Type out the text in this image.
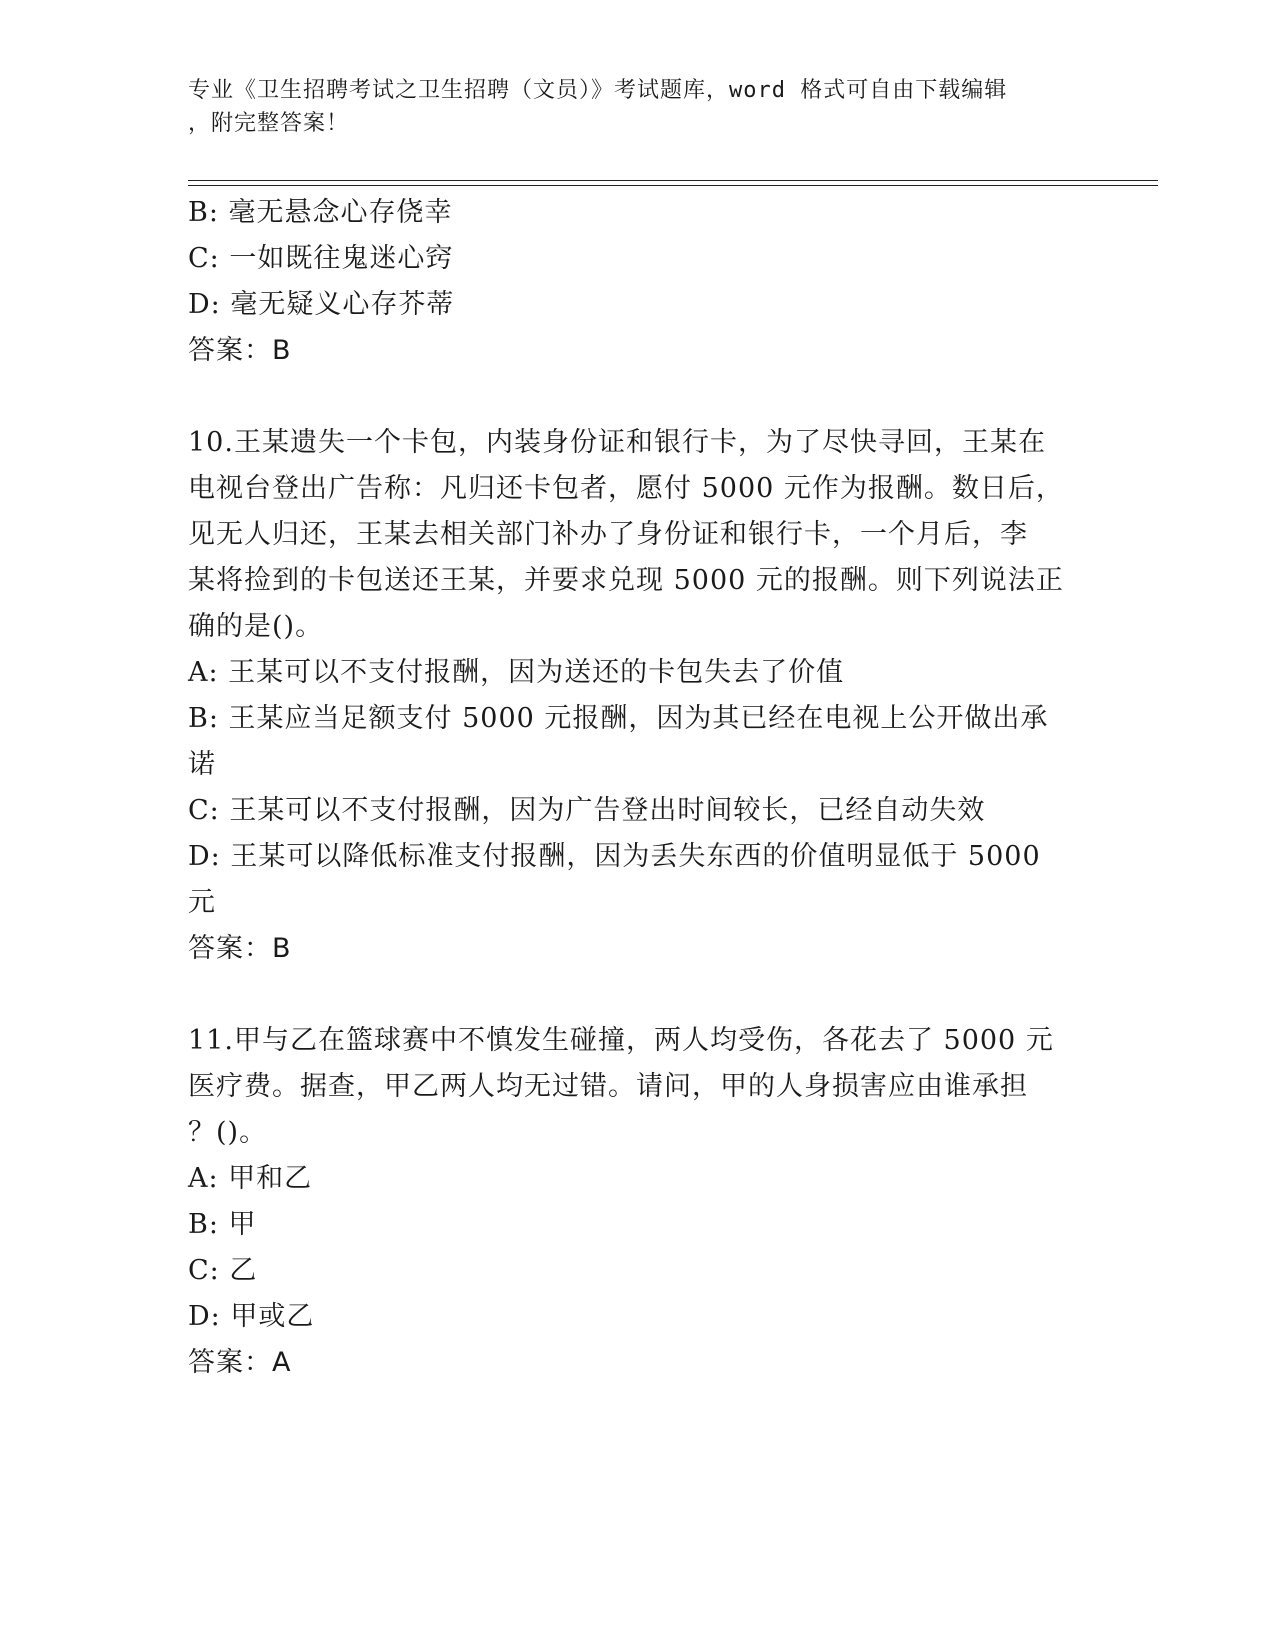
专业《卫生招聘考试之卫生招聘（文员）》考试题库，word 格式可自由下载编辑
，附完整答案！
B: 毫无悬念心存侥幸
C: 一如既往鬼迷心窍
D: 毫无疑义心存芥蒂
答案：B
10.王某遗失一个卡包，内装身份证和银行卡，为了尽快寻回，王某在
电视台登出广告称：凡归还卡包者，愿付 5000 元作为报酬。数日后，
见无人归还，王某去相关部门补办了身份证和银行卡，一个月后，李
某将捡到的卡包送还王某，并要求兑现 5000 元的报酬。则下列说法正
确的是()。
A: 王某可以不支付报酬，因为送还的卡包失去了价值
B: 王某应当足额支付 5000 元报酬，因为其已经在电视上公开做出承
诺
C: 王某可以不支付报酬，因为广告登出时间较长，已经自动失效
D: 王某可以降低标准支付报酬，因为丢失东西的价值明显低于 5000
元
答案：B
11.甲与乙在篮球赛中不慎发生碰撞，两人均受伤，各花去了 5000 元
医疗费。据查，甲乙两人均无过错。请问，甲的人身损害应由谁承担
？()。
A: 甲和乙
B: 甲
C: 乙
D: 甲或乙
答案：A
